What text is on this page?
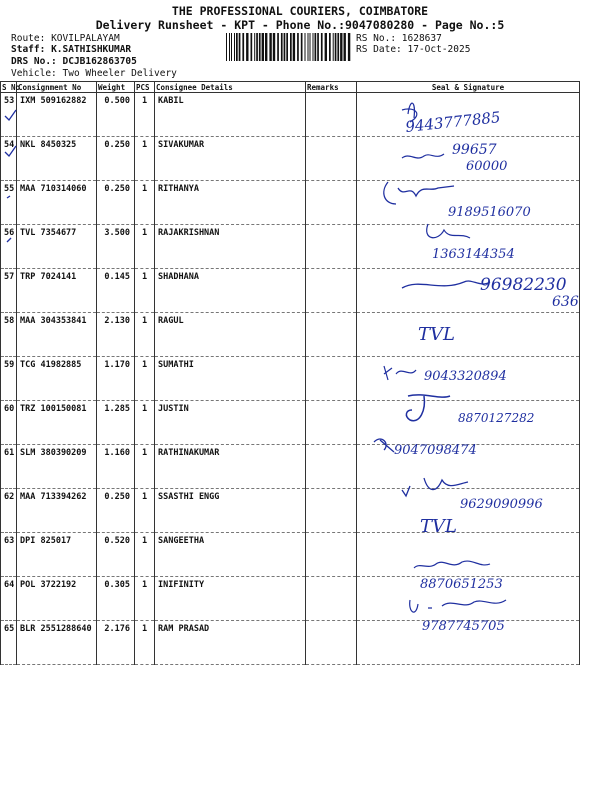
THE PROFESSIONAL COURIERS, COIMBATORE
Delivery Runsheet - KPT - Phone No.:9047080280 - Page No.:5
Route: KOVILPALAYAM
Staff: K.SATHISHKUMAR
DRS No.: DCJB162863705
Vehicle: Two Wheeler Delivery
RS No.: 1628637
RS Date: 17-Oct-2025
S No	Consignment No	Weight	PCS	Consignee Details	Remarks	Seal & Signature
53	IXM 509162882	0.500	1	KABIL		
54	NKL 8450325	0.250	1	SIVAKUMAR		
55	MAA 710314060	0.250	1	RITHANYA		
56	TVL 7354677	3.500	1	RAJAKRISHNAN		
57	TRP 7024141	0.145	1	SHADHANA		
58	MAA 304353841	2.130	1	RAGUL		
59	TCG 41982885	1.170	1	SUMATHI		
60	TRZ 100150081	1.285	1	JUSTIN		
61	SLM 380390209	1.160	1	RATHINAKUMAR		
62	MAA 713394262	0.250	1	SSASTHI ENGG		
63	DPI 825017	0.520	1	SANGEETHA		
64	POL 3722192	0.305	1	INIFINITY		
65	BLR 2551288640	2.176	1	RAM PRASAD		
9443777885
99657
60000
9189516070
1363144354
96982230
636
TVL
9043320894
8870127282
9047098474
9629090996
TVL
8870651253
9787745705
